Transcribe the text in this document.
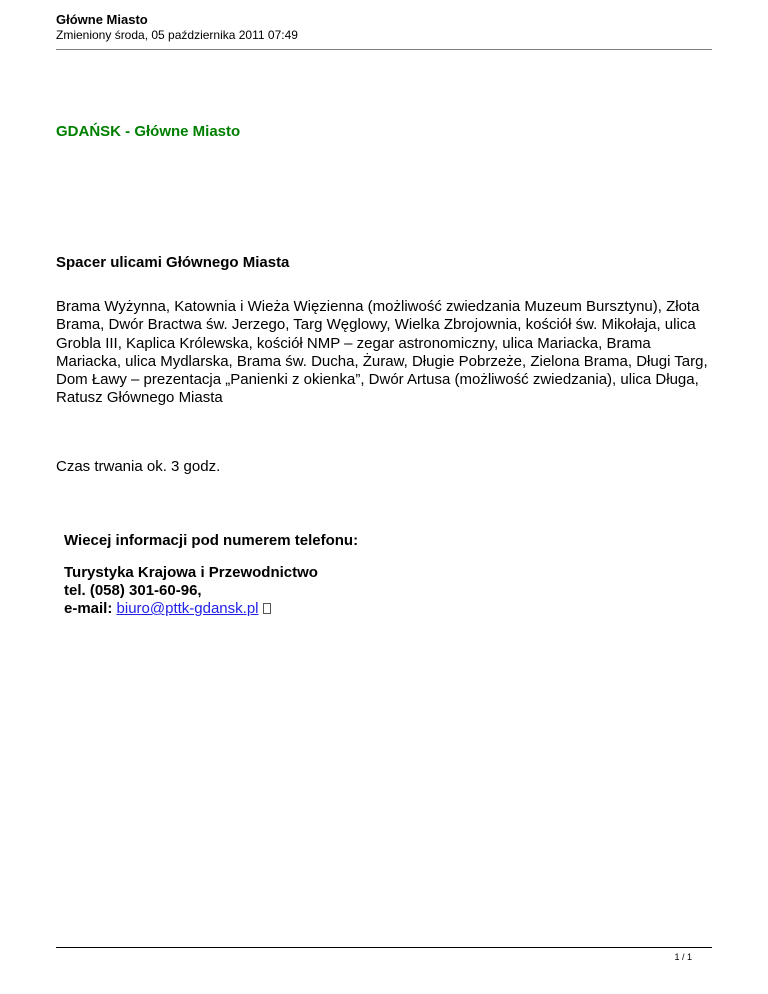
Główne Miasto
Zmieniony środa, 05 października 2011 07:49
GDAŃSK - Główne Miasto
Spacer ulicami Głównego Miasta

Brama Wyżynna, Katownia i Wieża Więzienna (możliwość zwiedzania Muzeum Bursztynu), Złota Brama, Dwór Bractwa św. Jerzego, Targ Węglowy, Wielka Zbrojownia, kościół św. Mikołaja, ulica Grobla III, Kaplica Królewska, kościół NMP – zegar astronomiczny, ulica Mariacka, Brama Mariacka, ulica Mydlarska, Brama św. Ducha, Żuraw, Długie Pobrzeże, Zielona Brama, Długi Targ, Dom Ławy – prezentacja „Panienki z okienka”, Dwór Artusa (możliwość zwiedzania), ulica Długa, Ratusz Głównego Miasta

Czas trwania ok. 3 godz.
Wiecej informacji pod numerem telefonu:
Turystyka Krajowa i Przewodnictwo
tel. (058) 301-60-96,
e-mail: biuro@pttk-gdansk.pl
1 / 1
